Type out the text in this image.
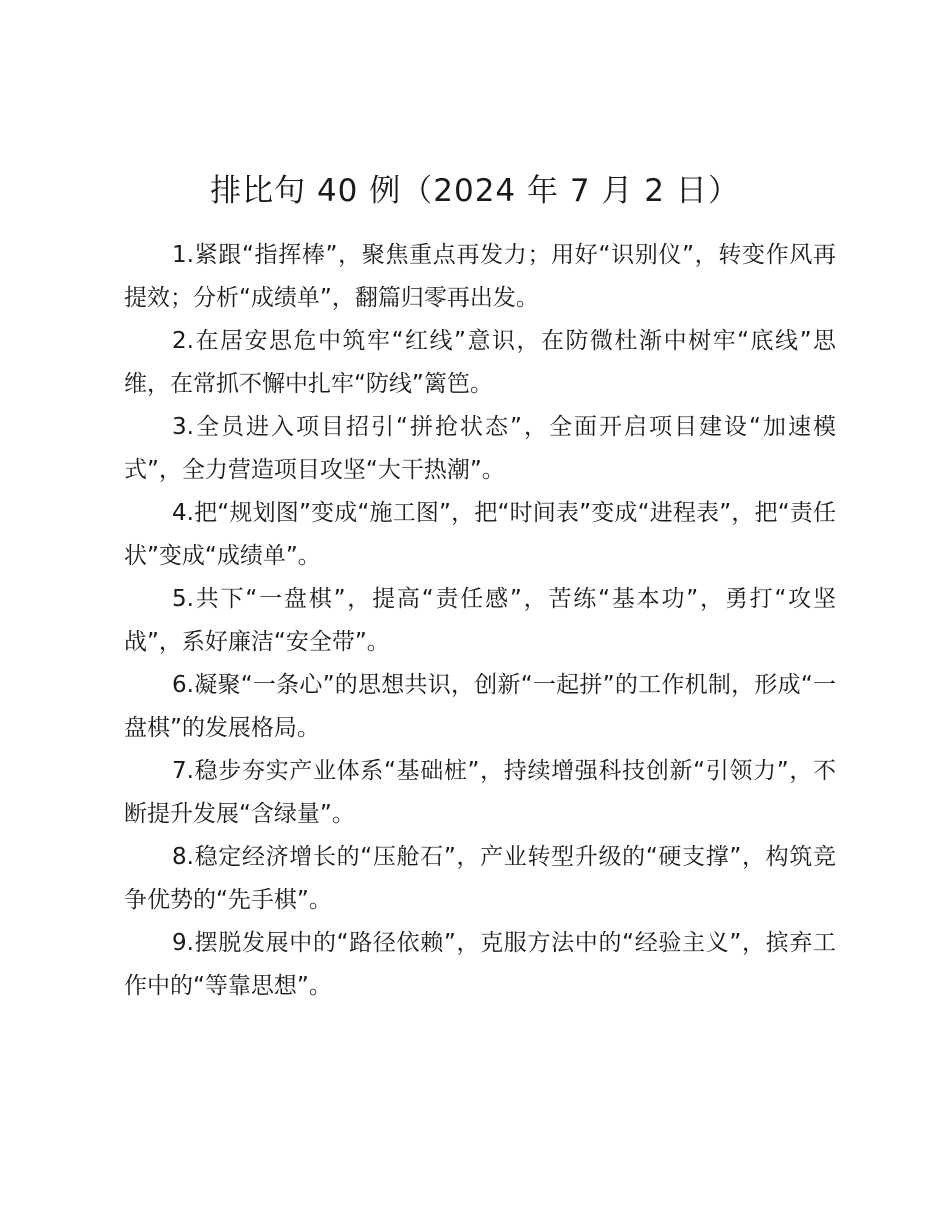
排比句 40 例（2024 年 7 月 2 日）

1.紧跟“指挥棒”，聚焦重点再发力；用好“识别仪”，转变作风再提效；分析“成绩单”，翻篇归零再出发。

2.在居安思危中筑牢“红线”意识，在防微杜渐中树牢“底线”思维，在常抓不懈中扎牢“防线”篱笆。

3.全员进入项目招引“拼抢状态”，全面开启项目建设“加速模式”，全力营造项目攻坚“大干热潮”。

4.把“规划图”变成“施工图”，把“时间表”变成“进程表”，把“责任状”变成“成绩单”。

5.共下“一盘棋”，提高“责任感”，苦练“基本功”，勇打“攻坚战”，系好廉洁“安全带”。

6.凝聚“一条心”的思想共识，创新“一起拼”的工作机制，形成“一盘棋”的发展格局。

7.稳步夯实产业体系“基础桩”，持续增强科技创新“引领力”，不断提升发展“含绿量”。

8.稳定经济增长的“压舱石”，产业转型升级的“硬支撑”，构筑竞争优势的“先手棋”。

9.摆脱发展中的“路径依赖”，克服方法中的“经验主义”，摈弃工作中的“等靠思想”。
